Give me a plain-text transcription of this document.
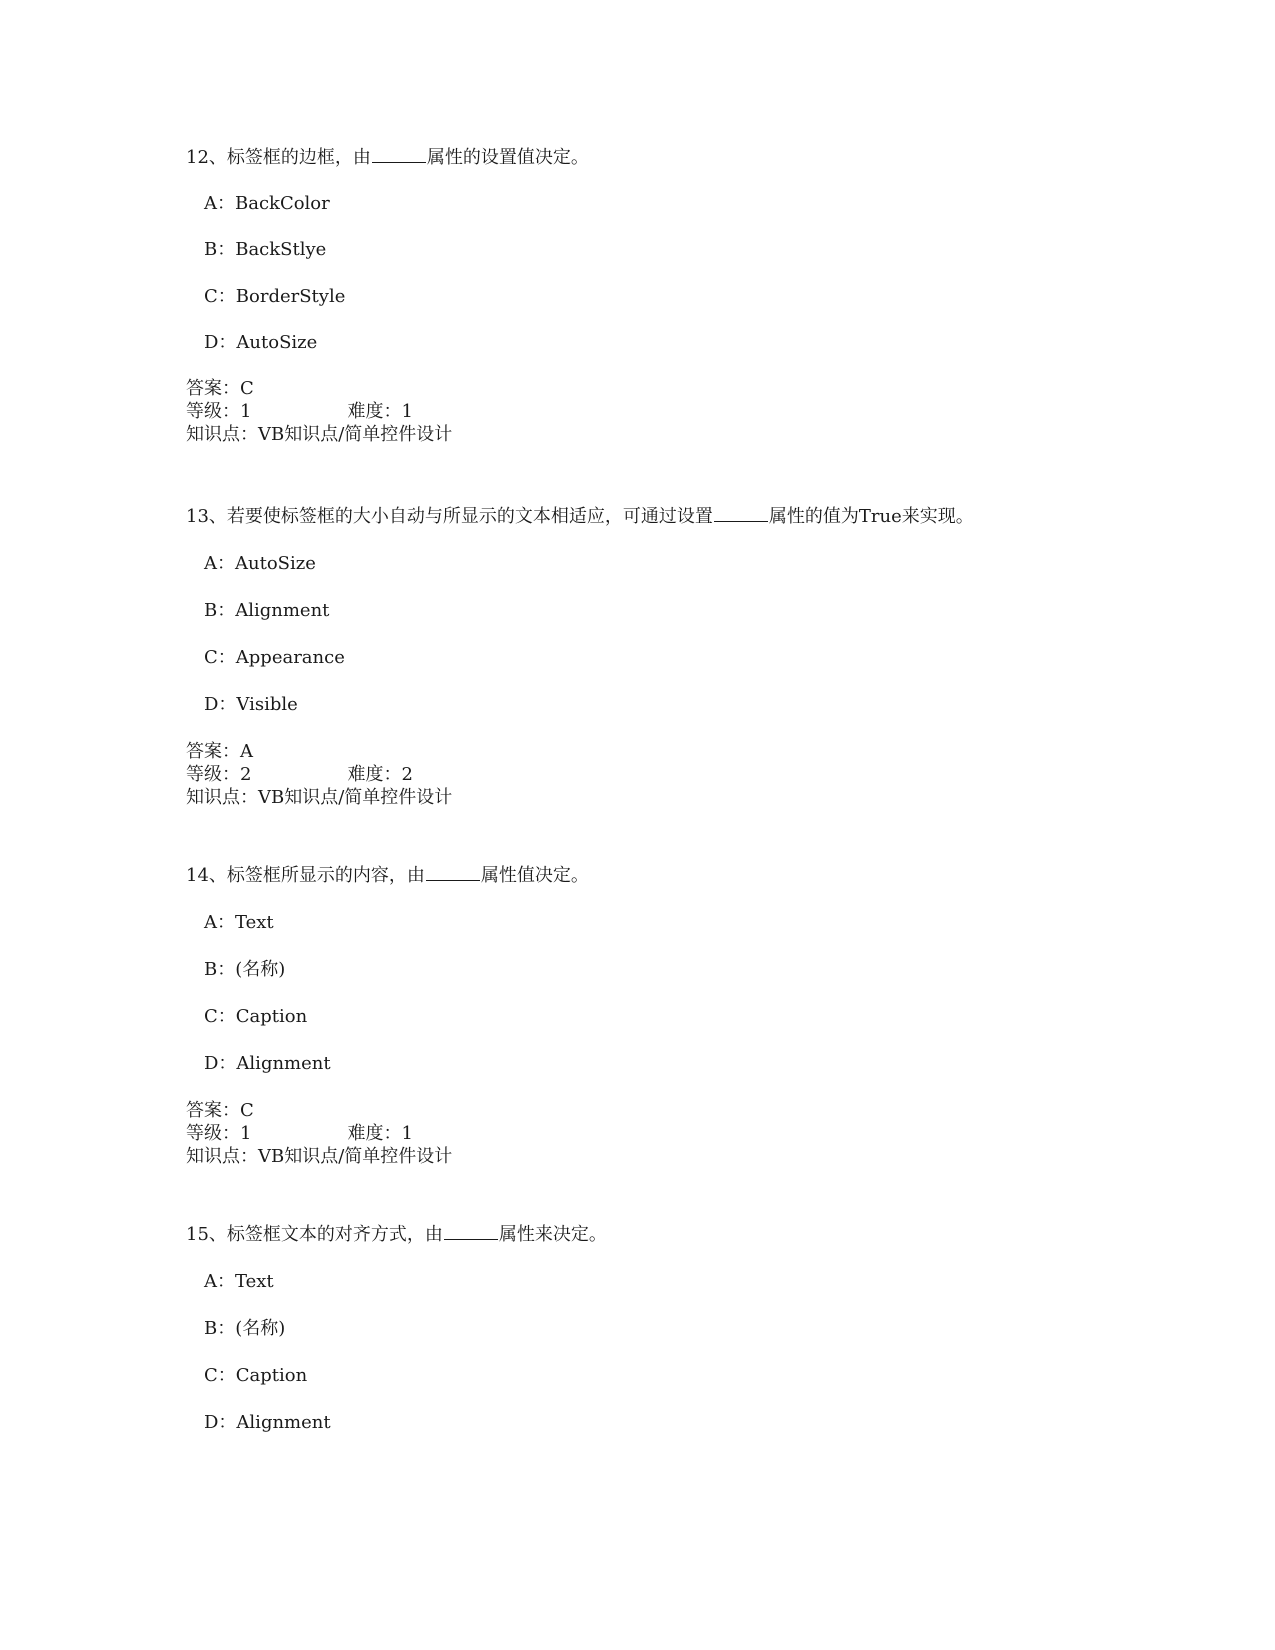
12、标签框的边框，由	属性的设置值决定。
A：BackColor
B：BackStlye
C：BorderStyle
D：AutoSize
答案：C
等级：1	难度：1
知识点：VB知识点/简单控件设计
13、若要使标签框的大小自动与所显示的文本相适应，可通过设置	属性的值为True来实现。
A：AutoSize
B：Alignment
C：Appearance
D：Visible
答案：A
等级：2	难度：2
知识点：VB知识点/简单控件设计
14、标签框所显示的内容，由	属性值决定。
A：Text
B：(名称)
C：Caption
D：Alignment
答案：C
等级：1	难度：1
知识点：VB知识点/简单控件设计
15、标签框文本的对齐方式，由	属性来决定。
A：Text
B：(名称)
C：Caption
D：Alignment
